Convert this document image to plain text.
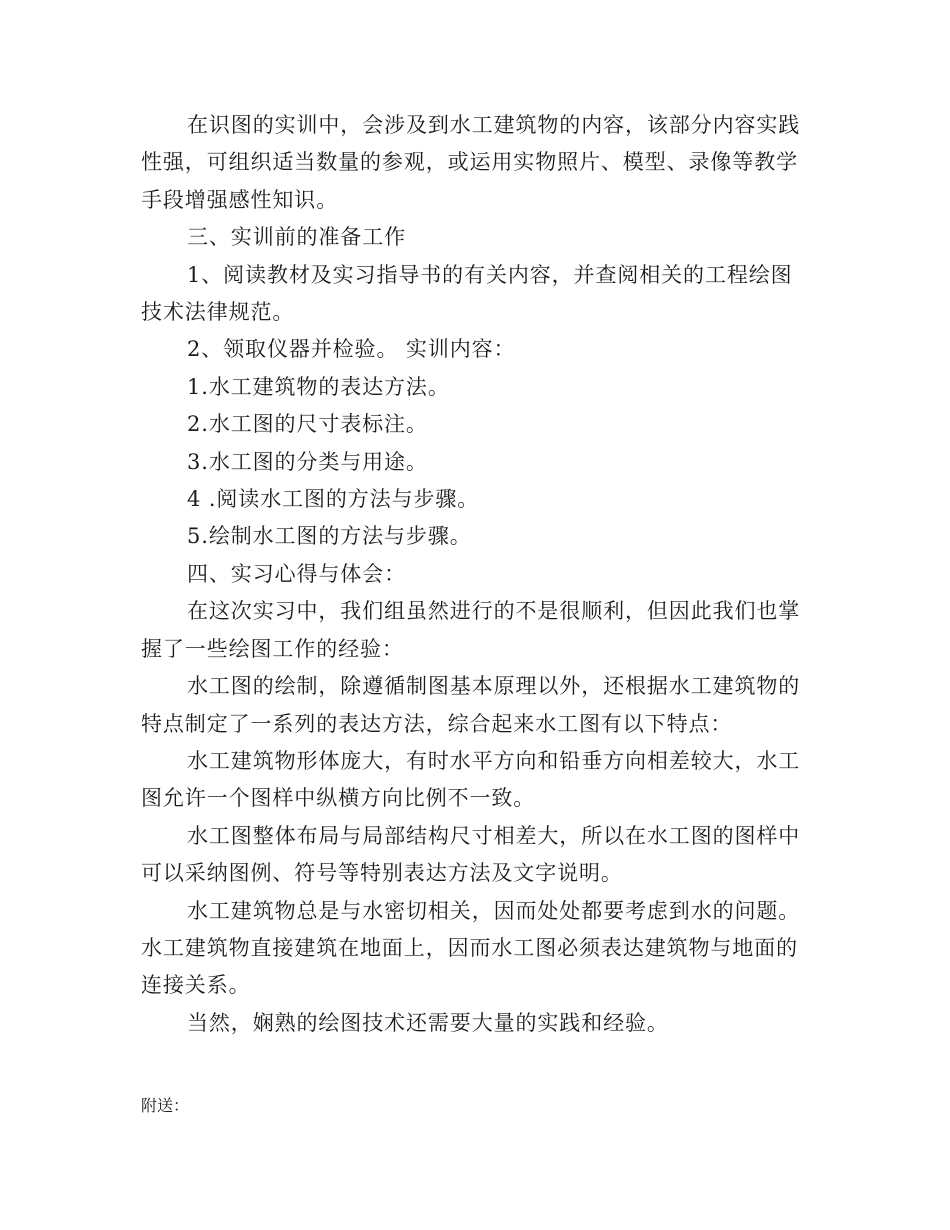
在识图的实训中，会涉及到水工建筑物的内容，该部分内容实践性强，可组织适当数量的参观，或运用实物照片、模型、录像等教学手段增强感性知识。

三、实训前的准备工作

1、阅读教材及实习指导书的有关内容，并查阅相关的工程绘图技术法律规范。

2、领取仪器并检验。 实训内容：

1.水工建筑物的表达方法。

2.水工图的尺寸表标注。

3.水工图的分类与用途。

4 .阅读水工图的方法与步骤。

5.绘制水工图的方法与步骤。

四、实习心得与体会：

在这次实习中，我们组虽然进行的不是很顺利，但因此我们也掌握了一些绘图工作的经验：

水工图的绘制，除遵循制图基本原理以外，还根据水工建筑物的特点制定了一系列的表达方法，综合起来水工图有以下特点：

水工建筑物形体庞大，有时水平方向和铅垂方向相差较大，水工图允许一个图样中纵横方向比例不一致。

水工图整体布局与局部结构尺寸相差大，所以在水工图的图样中可以采纳图例、符号等特别表达方法及文字说明。

水工建筑物总是与水密切相关，因而处处都要考虑到水的问题。

水工建筑物直接建筑在地面上，因而水工图必须表达建筑物与地面的连接关系。

当然，娴熟的绘图技术还需要大量的实践和经验。

附送：
